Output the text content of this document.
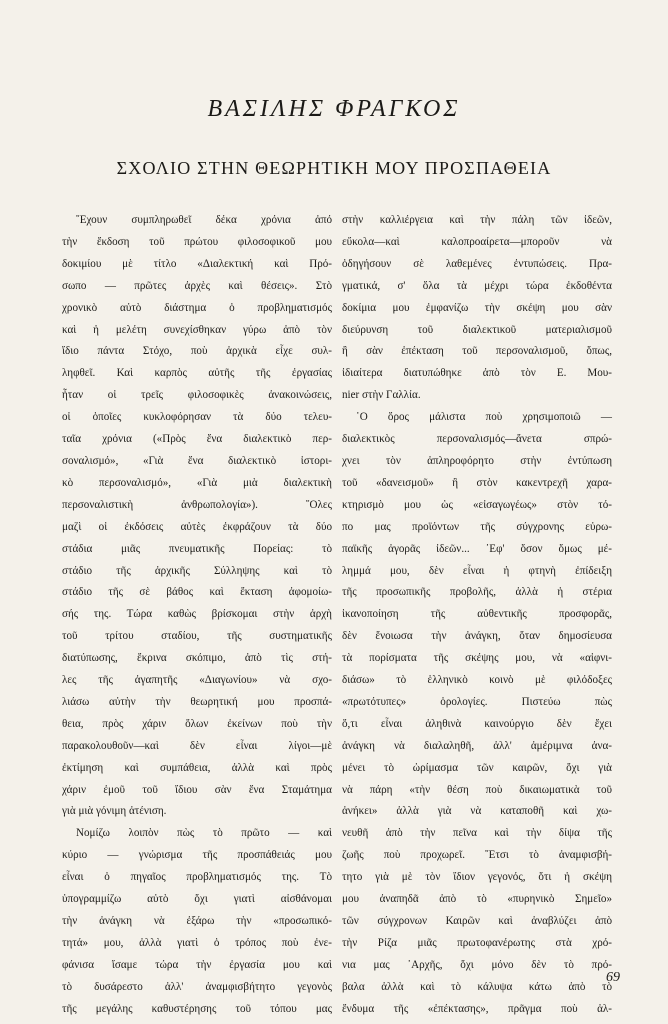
ΒΑΣΙΛΗΣ ΦΡΑΓΚΟΣ
ΣΧΟΛΙΟ ΣΤΗΝ ΘΕΩΡΗΤΙΚΗ ΜΟΥ ΠΡΟΣΠΑΘΕΙΑ
῞Εχουν συμπληρωθεῖ δέκα χρόνια ἀπό
τὴν ἔκδοση τοῦ πρώτου φιλοσοφικοῦ μου
δοκιμίου μὲ τίτλο «Διαλεκτική καὶ Πρό-
σωπο — πρῶτες ἀρχὲς καὶ θέσεις». Στὸ
χρονικὸ αὐτὸ διάστημα ὁ προβληματισμός
καὶ ἡ μελέτη συνεχίσθηκαν γύρω ἀπὸ τὸν
ἴδιο πάντα Στόχο, ποὺ ἀρχικὰ εἶχε συλ-
ληφθεῖ. Καὶ καρπὸς αὐτῆς τῆς ἐργασίας
ἦταν οἱ τρεῖς φιλοσοφικὲς ἀνακοινώσεις,
οἱ ὁποῖες κυκλοφόρησαν τὰ δύο τελευ-
ταῖα χρόνια («Πρὸς ἕνα διαλεκτικὸ περ-
σοναλισμό», «Γιὰ ἕνα διαλεκτικὸ ἱστορι-
κὸ περσοναλισμό», «Γιὰ μιὰ διαλεκτικὴ
περσοναλιστικὴ ἀνθρωπολογία»). ῞Ολες
μαζὶ οἱ ἐκδόσεις αὐτὲς ἐκφράζουν τὰ δύο
στάδια μιᾶς πνευματικῆς Πορείας: τὸ
στάδιο τῆς ἀρχικῆς Σύλληψης καὶ τὸ
στάδιο τῆς σὲ βάθος καὶ ἔκταση ἀφομοίω-
σής της. Τώρα καθὼς βρίσκομαι στὴν ἀρχὴ
τοῦ τρίτου σταδίου, τῆς συστηματικῆς
διατύπωσης, ἔκρινα σκόπιμο, ἀπὸ τὶς στή-
λες τῆς ἀγαπητῆς «Διαγωνίου» νὰ σχο-
λιάσω αὐτὴν τὴν θεωρητική μου προσπά-
θεια, πρὸς χάριν ὅλων ἐκείνων ποὺ τὴν
παρακολουθοῦν—καὶ δὲν εἶναι λίγοι—μὲ
ἐκτίμηση καὶ συμπάθεια, ἀλλὰ καὶ πρὸς
χάριν ἐμοῦ τοῦ ἴδιου σὰν ἕνα Σταμάτημα
γιὰ μιὰ γόνιμη ἀτένιση.
Νομίζω λοιπὸν πὼς τὸ πρῶτο — καὶ
κύριο — γνώρισμα τῆς προσπάθειάς μου
εἶναι ὁ πηγαῖος προβληματισμός της. Τὸ
ὑπογραμμίζω αὐτὸ ὄχι γιατὶ αἰσθάνομαι
τὴν ἀνάγκη νὰ ἐξάρω τὴν «προσωπικό-
τητά» μου, ἀλλὰ γιατὶ ὁ τρόπος ποὺ ἐνε-
φάνισα ἴσαμε τώρα τὴν ἐργασία μου καὶ
τὸ δυσάρεστο ἀλλ' ἀναμφισβήτητο γεγονὸς
τῆς μεγάλης καθυστέρησης τοῦ τόπου μας
στὴν καλλιέργεια καὶ τὴν πάλη τῶν ἰδεῶν,
εὔκολα—καὶ καλοπροαίρετα—μποροῦν νὰ
ὁδηγήσουν σὲ λαθεμένες ἐντυπώσεις. Πρα-
γματικά, σ' ὅλα τὰ μέχρι τώρα ἐκδοθέντα
δοκίμια μου ἐμφανίζω τὴν σκέψη μου σὰν
διεύρυνση τοῦ διαλεκτικοῦ ματεριαλισμοῦ
ἢ σὰν ἐπέκταση τοῦ περσοναλισμοῦ, ὅπως,
ἰδιαίτερα διατυπώθηκε ἀπὸ τὸν Ε. Μου-
nier στὴν Γαλλία.
῾Ο ὅρος μάλιστα ποὺ χρησιμοποιῶ —
διαλεκτικὸς περσοναλισμός—ἄνετα σπρώ-
χνει τὸν ἀπληροφόρητο στὴν ἐντύπωση
τοῦ «δανεισμοῦ» ἢ στὸν κακεντρεχῆ χαρα-
κτηρισμὸ μου ὡς «εἰσαγωγέως» στὸν τό-
πο μας προϊόντων τῆς σύγχρονης εὐρω-
παϊκῆς ἀγορᾶς ἰδεῶν... ᾿Εφ' ὅσον ὅμως μέ-
λημμά μου, δὲν εἶναι ἡ φτηνὴ ἐπίδειξη
τῆς προσωπικῆς προβολῆς, ἀλλὰ ἡ στέρια
ἱκανοποίηση τῆς αὐθεντικῆς προσφορᾶς,
δὲν ἔνοιωσα τὴν ἀνάγκη, ὅταν δημοσίευσα
τὰ πορίσματα τῆς σκέψης μου, νὰ «αἱφνι-
διάσω» τὸ ἑλληνικὸ κοινὸ μὲ φιλόδοξες
«πρωτότυπες» ὁρολογίες. Πιστεύω πὼς
ὅ,τι εἶναι ἀληθινὰ καινούργιο δὲν ἔχει
ἀνάγκη νὰ διαλαληθῆ, ἀλλ' ἀμέριμνα ἀνα-
μένει τὸ ὡρίμασμα τῶν καιρῶν, ὄχι γιὰ
νὰ πάρη «τὴν θέση ποὺ δικαιωματικὰ τοῦ
ἀνήκει» ἀλλὰ γιὰ νὰ καταποθῆ καὶ χω-
νευθῆ ἀπὸ τὴν πεῖνα καὶ τὴν δίψα τῆς
ζωῆς ποὺ προχωρεῖ. ῞Ετσι τὸ ἀναμφισβή-
τητο γιὰ μὲ τὸν ἴδιον γεγονός, ὅτι ἡ σκέψη
μου ἀναπηδᾶ ἀπὸ τὸ «πυρηνικὸ Σημεῖο»
τῶν σύγχρονων Καιρῶν καὶ ἀναβλύζει ἀπὸ
τὴν Ρίζα μιᾶς πρωτοφανέρωτης στὰ χρό-
νια μας ᾿Αρχῆς, ὄχι μόνο δὲν τὸ πρό-
βαλα ἀλλὰ καὶ τὸ κάλυψα κάτω ἀπὸ τὸ
ἔνδυμα τῆς «ἐπέκτασης», πρᾶγμα ποὺ ἀλ-
69
